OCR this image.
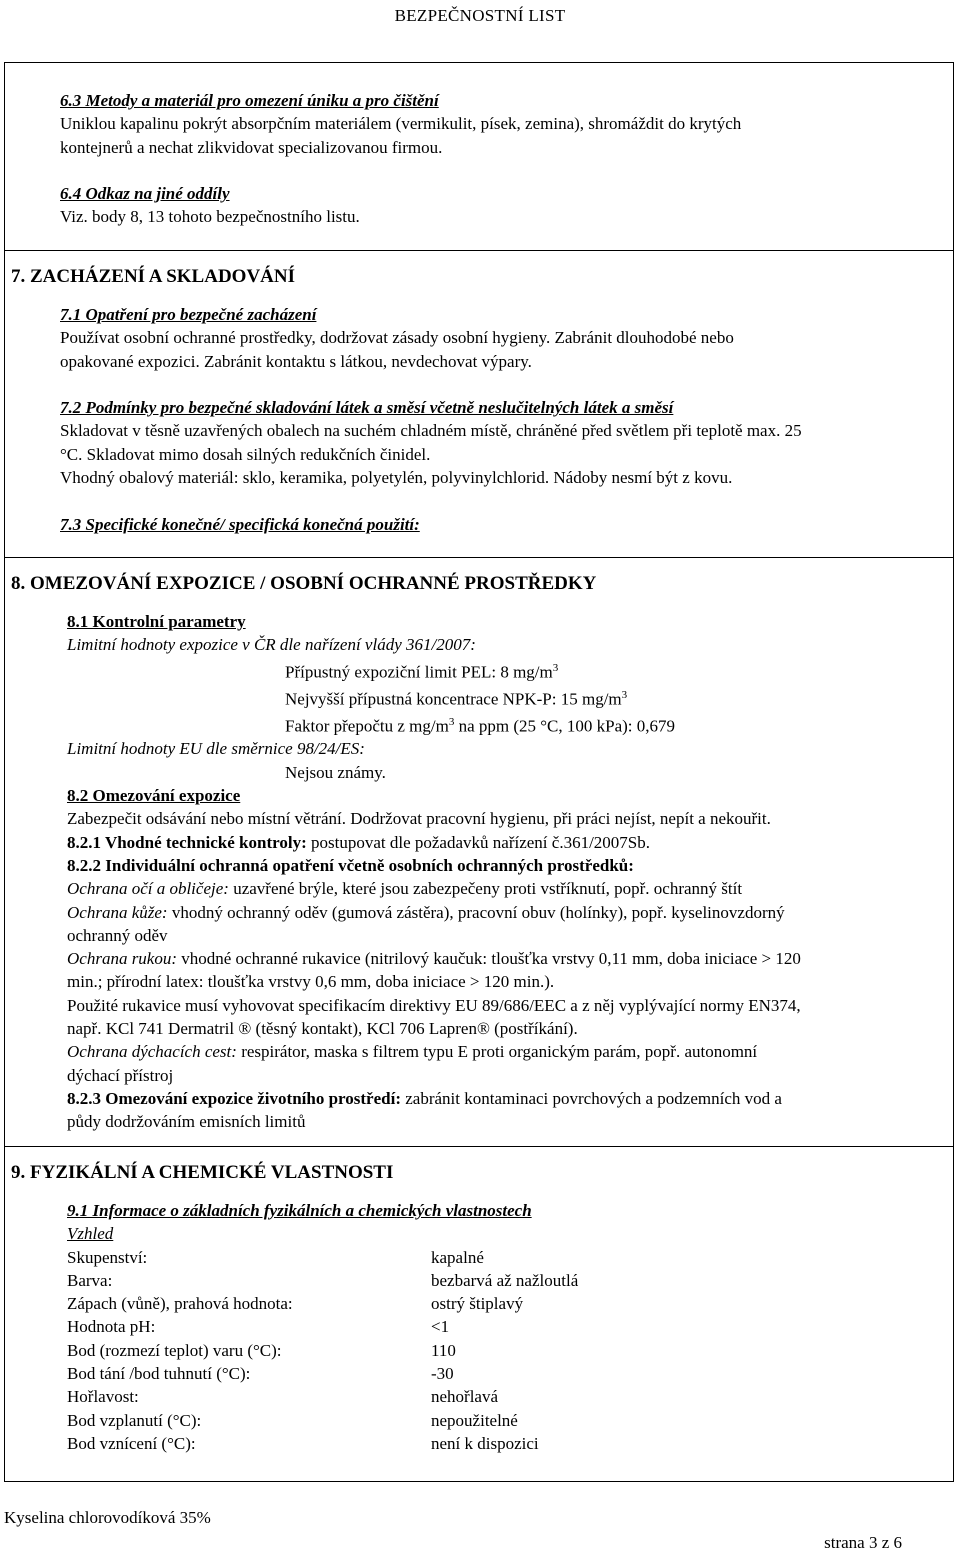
BEZPEČNOSTNÍ LIST

6.3 Metody a materiál pro omezení úniku a pro čištění

Uniklou kapalinu pokrýt absorpčním materiálem (vermikulit, písek, zemina), shromáždit do krytých

kontejnerů a nechat zlikvidovat specializovanou firmou.

6.4 Odkaz na jiné oddíly

Viz. body 8, 13 tohoto bezpečnostního listu.

7. ZACHÁZENÍ A SKLADOVÁNÍ

7.1 Opatření pro bezpečné zacházení

Používat osobní ochranné prostředky, dodržovat zásady osobní hygieny. Zabránit dlouhodobé nebo

opakované expozici. Zabránit kontaktu s látkou, nevdechovat výpary.

7.2 Podmínky pro bezpečné skladování látek a směsí včetně neslučitelných látek a směsí

Skladovat v těsně uzavřených obalech na suchém chladném místě, chráněné před světlem při teplotě max. 25

°C. Skladovat mimo dosah silných redukčních činidel.

Vhodný obalový materiál: sklo, keramika, polyetylén, polyvinylchlorid. Nádoby nesmí být z kovu.

7.3 Specifické konečné/ specifická konečná použití:

8. OMEZOVÁNÍ EXPOZICE / OSOBNÍ OCHRANNÉ PROSTŘEDKY

8.1 Kontrolní parametry

Limitní hodnoty expozice v ČR dle nařízení vlády 361/2007:

Přípustný expoziční limit PEL: 8 $mg/m^3$

Nejvyšší přípustná koncentrace NPK-P: 15 $mg/m^3$

Faktor přepočtu z $mg/m^3$ na ppm (25 °C, 100 kPa): 0,679

Limitní hodnoty EU dle směrnice 98/24/ES:

Nejsou známy.

8.2 Omezování expozice

Zabezpečit odsávání nebo místní větrání. Dodržovat pracovní hygienu, při práci nejíst, nepít a nekouřit.

8.2.1 Vhodné technické kontroly: postupovat dle požadavků nařízení č.361/2007Sb.

8.2.2 Individuální ochranná opatření včetně osobních ochranných prostředků:

Ochrana očí a obličeje: uzavřené brýle, které jsou zabezpečeny proti vstříknutí, popř. ochranný štít

Ochrana kůže: vhodný ochranný oděv (gumová zástěra), pracovní obuv (holínky), popř. kyselinovzdorný

ochranný oděv

Ochrana rukou: vhodné ochranné rukavice (nitrilový kaučuk: tloušťka vrstvy 0,11 mm, doba iniciace > 120

min.; přírodní latex: tloušťka vrstvy 0,6 mm, doba iniciace > 120 min.).

Použité rukavice musí vyhovovat specifikacím direktivy EU 89/686/EEC a z něj vyplývající normy EN374,

např. KCl 741 Dermatril ® (těsný kontakt), KCl 706 Lapren® (postříkání).

Ochrana dýchacích cest: respirátor, maska s filtrem typu E proti organickým parám, popř. autonomní

dýchací přístroj

8.2.3 Omezování expozice životního prostředí: zabránit kontaminaci povrchových a podzemních vod a

půdy dodržováním emisních limitů

9. FYZIKÁLNÍ A CHEMICKÉ VLASTNOSTI

9.1 Informace o základních fyzikálních a chemických vlastnostech

Vzhled

Skupenství:	kapalné
Barva:	bezbarvá až nažloutlá
Zápach (vůně), prahová hodnota:	ostrý štiplavý
Hodnota pH:	<1
Bod (rozmezí teplot) varu (°C):	110
Bod tání /bod tuhnutí (°C):	-30
Hořlavost:	nehořlavá
Bod vzplanutí (°C):	nepoužitelné
Bod vznícení (°C):	není k dispozici
Kyselina chlorovodíková 35%
strana 3 z 6
